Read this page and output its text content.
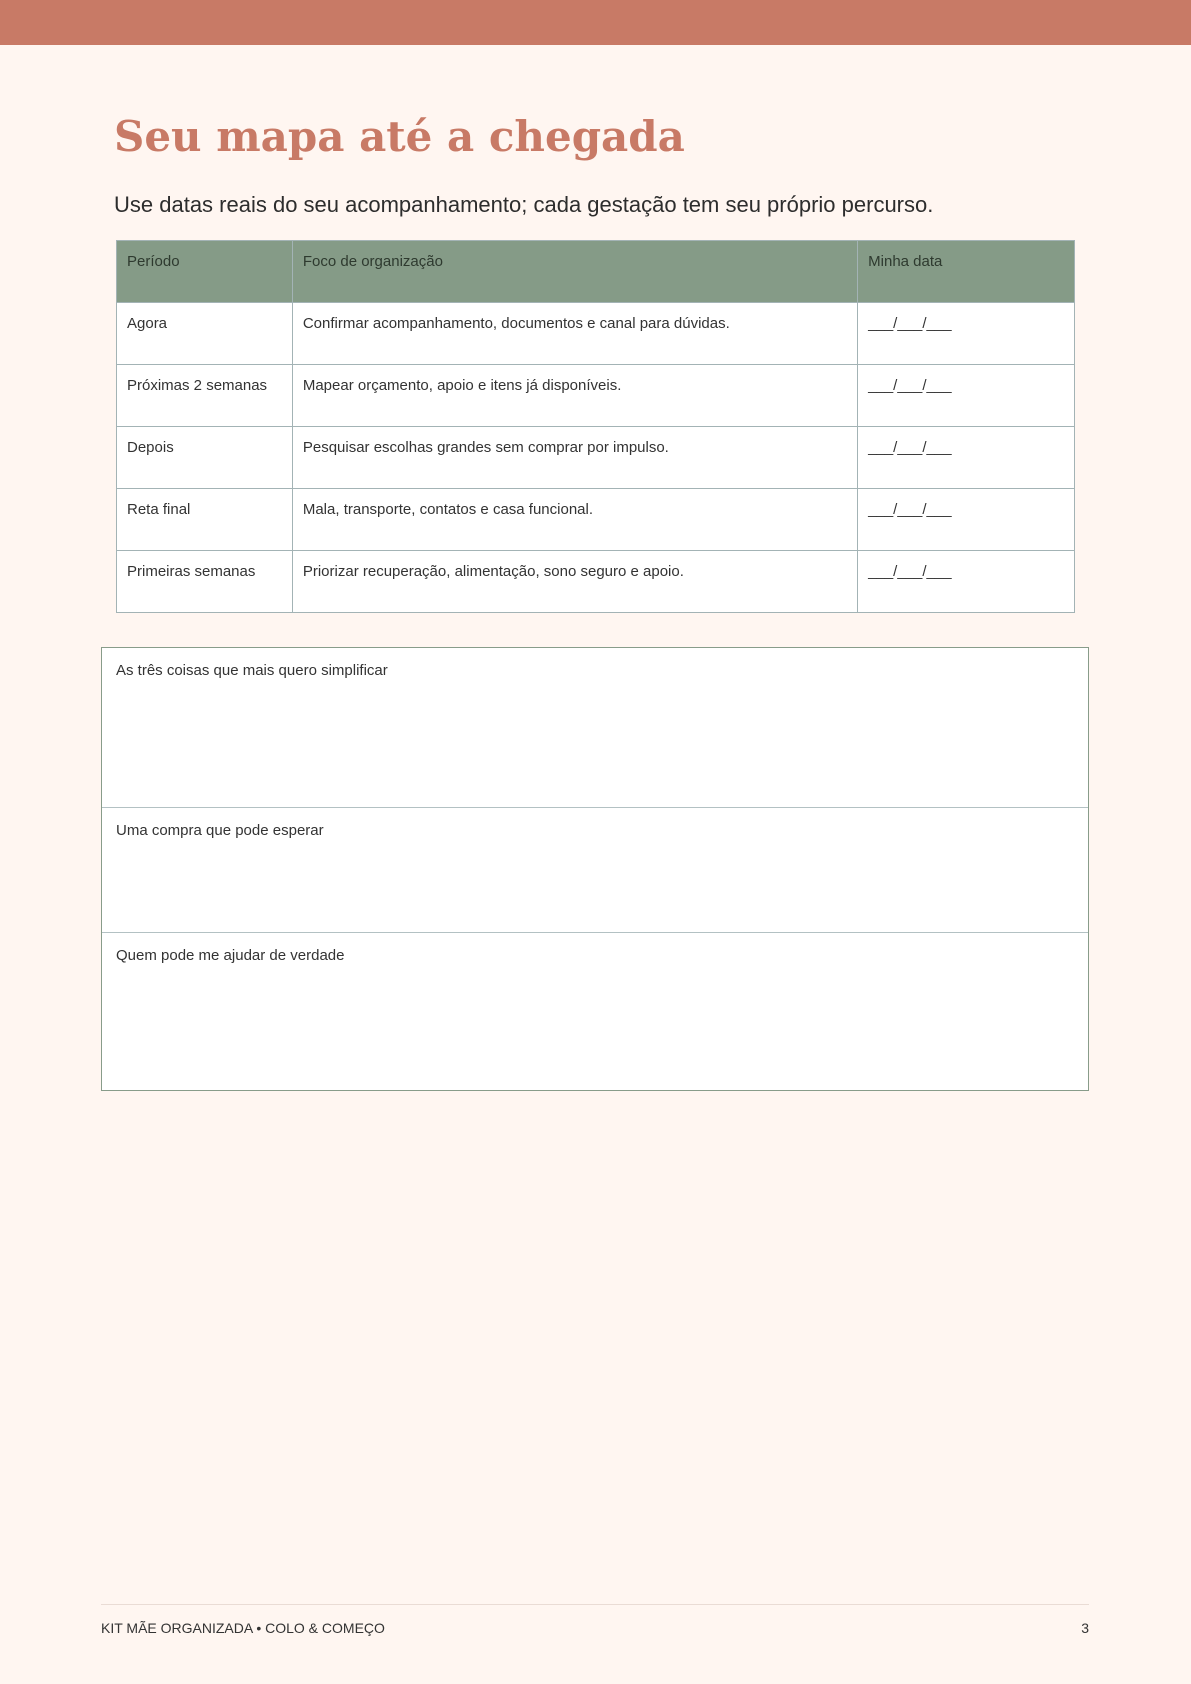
Seu mapa até a chegada

Use datas reais do seu acompanhamento; cada gestação tem seu próprio percurso.

Período	Foco de organização	Minha data
Agora	Confirmar acompanhamento, documentos e canal para dúvidas.	___/___/___
Próximas 2 semanas	Mapear orçamento, apoio e itens já disponíveis.	___/___/___
Depois	Pesquisar escolhas grandes sem comprar por impulso.	___/___/___
Reta final	Mala, transporte, contatos e casa funcional.	___/___/___
Primeiras semanas	Priorizar recuperação, alimentação, sono seguro e apoio.	___/___/___
As três coisas que mais quero simplificar
Uma compra que pode esperar
Quem pode me ajudar de verdade
KIT MÃE ORGANIZADA • COLO & COMEÇO	3
